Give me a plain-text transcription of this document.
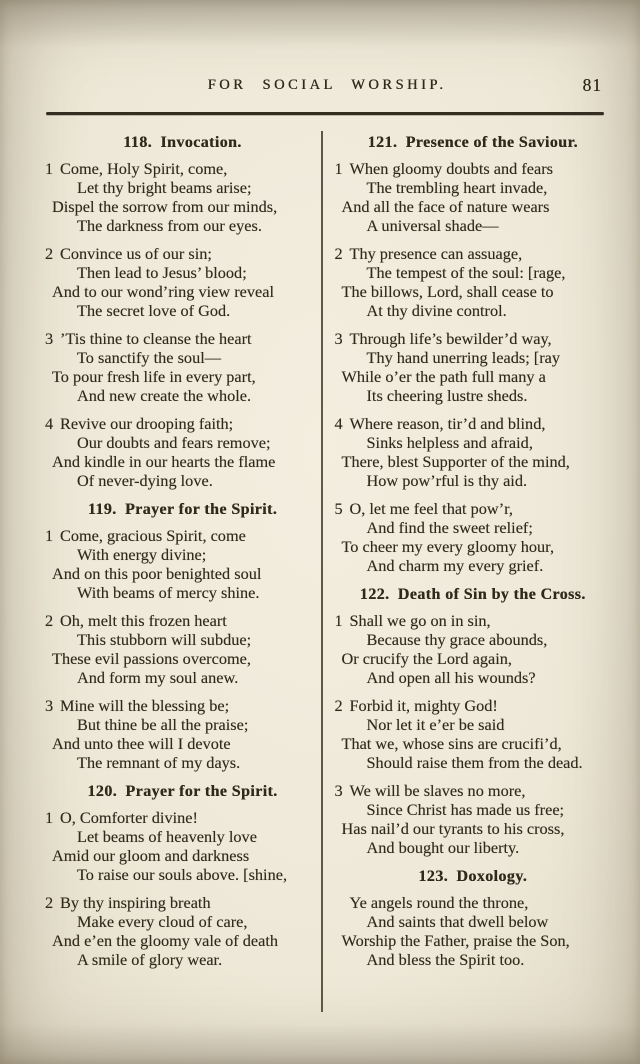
FOR SOCIAL WORSHIP.	81
118. Invocation.
1 Come, Holy Spirit, come,
Let thy bright beams arise;
Dispel the sorrow from our minds,
The darkness from our eyes.
2 Convince us of our sin;
Then lead to Jesus’ blood;
And to our wond’ring view reveal
The secret love of God.
3 ’Tis thine to cleanse the heart
To sanctify the soul—
To pour fresh life in every part,
And new create the whole.
4 Revive our drooping faith;
Our doubts and fears remove;
And kindle in our hearts the flame
Of never-dying love.
119. Prayer for the Spirit.
1 Come, gracious Spirit, come
With energy divine;
And on this poor benighted soul
With beams of mercy shine.
2 Oh, melt this frozen heart
This stubborn will subdue;
These evil passions overcome,
And form my soul anew.
3 Mine will the blessing be;
But thine be all the praise;
And unto thee will I devote
The remnant of my days.
120. Prayer for the Spirit.
1 O, Comforter divine!
Let beams of heavenly love
Amid our gloom and darkness
To raise our souls above. [shine,
2 By thy inspiring breath
Make every cloud of care,
And e’en the gloomy vale of death
A smile of glory wear.
121. Presence of the Saviour.
1 When gloomy doubts and fears
The trembling heart invade,
And all the face of nature wears
A universal shade—
2 Thy presence can assuage,
The tempest of the soul: [rage,
The billows, Lord, shall cease to
At thy divine control.
3 Through life’s bewilder’d way,
Thy hand unerring leads; [ray
While o’er the path full many a
Its cheering lustre sheds.
4 Where reason, tir’d and blind,
Sinks helpless and afraid,
There, blest Supporter of the mind,
How pow’rful is thy aid.
5 O, let me feel that pow’r,
And find the sweet relief;
To cheer my every gloomy hour,
And charm my every grief.
122. Death of Sin by the Cross.
1 Shall we go on in sin,
Because thy grace abounds,
Or crucify the Lord again,
And open all his wounds?
2 Forbid it, mighty God!
Nor let it e’er be said
That we, whose sins are crucifi’d,
Should raise them from the dead.
3 We will be slaves no more,
Since Christ has made us free;
Has nail’d our tyrants to his cross,
And bought our liberty.
123. Doxology.
Ye angels round the throne,
And saints that dwell below
Worship the Father, praise the Son,
And bless the Spirit too.
